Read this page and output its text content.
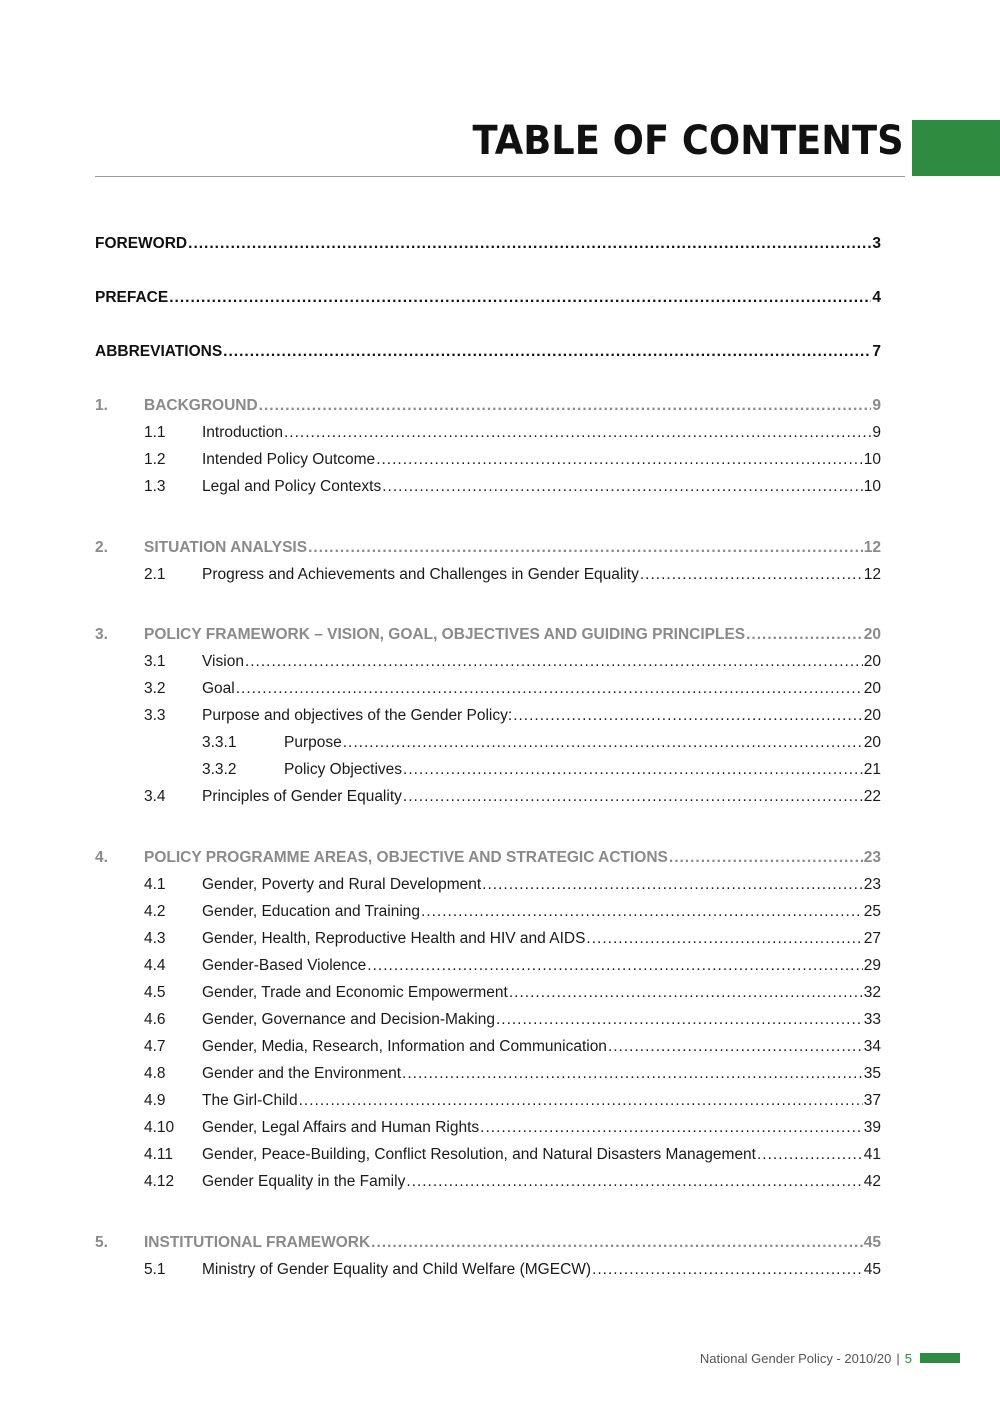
TABLE OF CONTENTS
FOREWORD .....	3
PREFACE .....	4
ABBREVIATIONS .....	7
1.	BACKGROUND .....	9
1.1	Introduction .....	9
1.2	Intended Policy Outcome .....	10
1.3	Legal and Policy Contexts .....	10
2.	SITUATION ANALYSIS .....	12
2.1	Progress and Achievements and Challenges in Gender Equality .....	12
3.	POLICY FRAMEWORK – VISION, GOAL, OBJECTIVES AND GUIDING PRINCIPLES .....	20
3.1	Vision .....	20
3.2	Goal .....	20
3.3	Purpose and objectives of the Gender Policy: .....	20
3.3.1	Purpose .....	20
3.3.2	Policy Objectives .....	21
3.4	Principles of Gender Equality .....	22
4.	POLICY PROGRAMME AREAS, OBJECTIVE AND STRATEGIC ACTIONS .....	23
4.1	Gender, Poverty and Rural Development .....	23
4.2	Gender, Education and Training .....	25
4.3	Gender, Health, Reproductive Health and HIV and AIDS .....	27
4.4	Gender-Based Violence .....	29
4.5	Gender, Trade and Economic Empowerment .....	32
4.6	Gender, Governance and Decision-Making .....	33
4.7	Gender, Media, Research, Information and Communication .....	34
4.8	Gender and the Environment .....	35
4.9	The Girl-Child .....	37
4.10	Gender, Legal Affairs and Human Rights .....	39
4.11	Gender, Peace-Building, Conflict Resolution, and Natural Disasters Management .....	41
4.12	Gender Equality in the Family .....	42
5.	INSTITUTIONAL FRAMEWORK .....	45
5.1	Ministry of Gender Equality and Child Welfare (MGECW) .....	45
National Gender Policy - 2010/20 | 5
